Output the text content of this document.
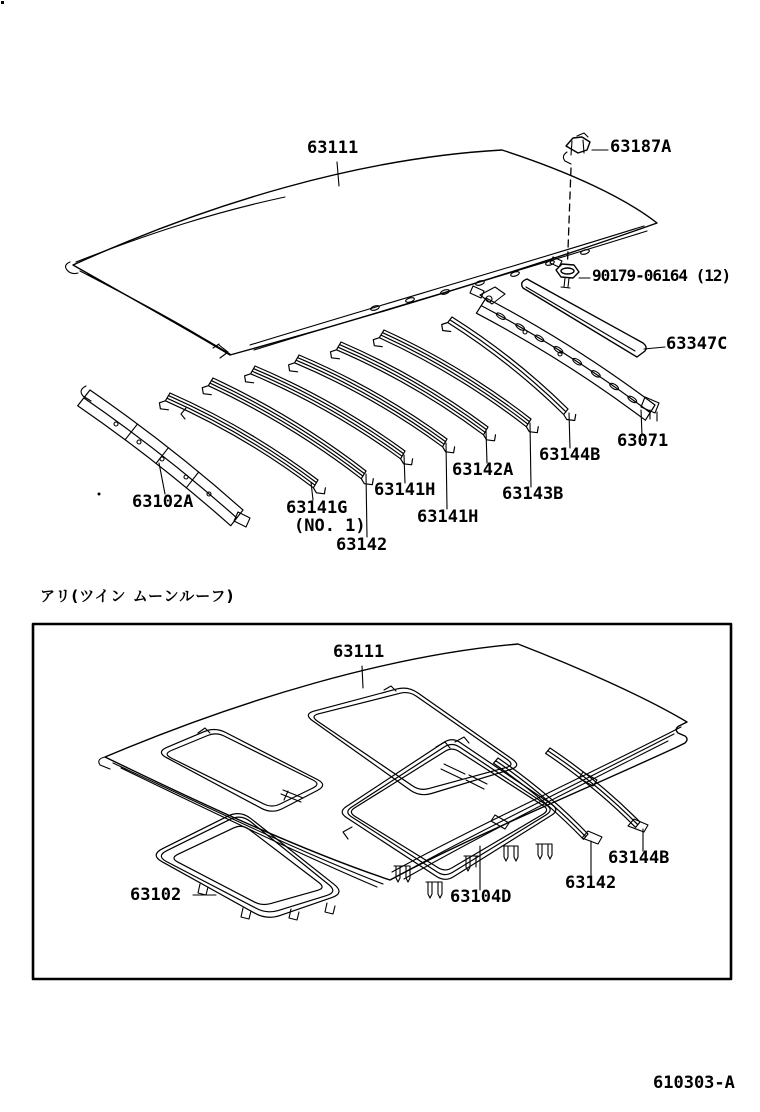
63111	63187A
90179-06164 (12)
63347C
63071
63144B
63143B
63142A
63141H
63141H
63141G
(NO. 1)
63142
63102A
アリ(ツイン ムーンルーフ)
63111
63102	63104D
63142
63144B
610303-A
